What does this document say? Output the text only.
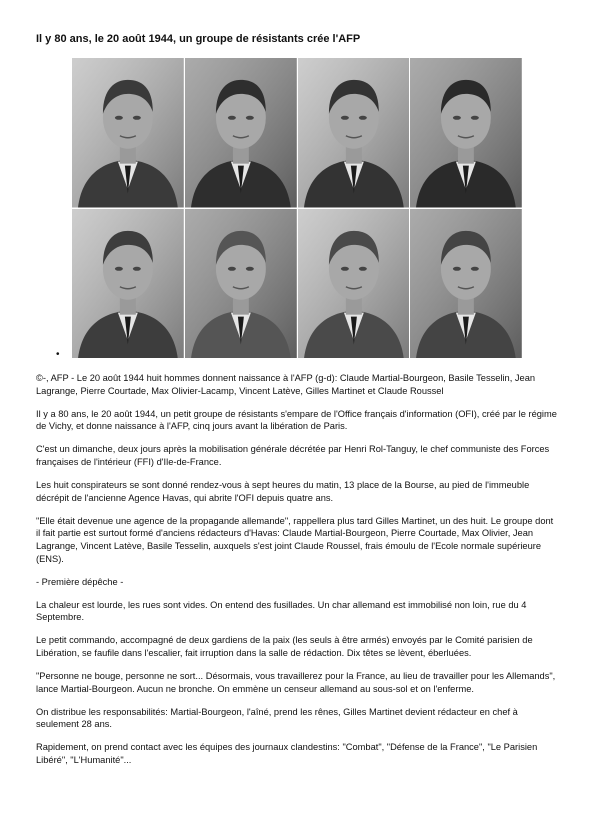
Il y 80 ans, le 20 août 1944, un groupe de résistants crée l'AFP
•

©-, AFP - Le 20 août 1944 huit hommes donnent naissance à l'AFP (g-d): Claude Martial-Bourgeon, Basile Tesselin, Jean Lagrange, Pierre Courtade, Max Olivier-Lacamp, Vincent Latève, Gilles Martinet et Claude Roussel

Il y a 80 ans, le 20 août 1944, un petit groupe de résistants s'empare de l'Office français d'information (OFI), créé par le régime de Vichy, et donne naissance à l'AFP, cinq jours avant la libération de Paris.

C'est un dimanche, deux jours après la mobilisation générale décrétée par Henri Rol-Tanguy, le chef communiste des Forces françaises de l'intérieur (FFI) d'Ile-de-France.

Les huit conspirateurs se sont donné rendez-vous à sept heures du matin, 13 place de la Bourse, au pied de l'immeuble décrépit de l'ancienne Agence Havas, qui abrite l'OFI depuis quatre ans.

"Elle était devenue une agence de la propagande allemande", rappellera plus tard Gilles Martinet, un des huit. Le groupe dont il fait partie est surtout formé d'anciens rédacteurs d'Havas: Claude Martial-Bourgeon, Pierre Courtade, Max Olivier, Jean Lagrange, Vincent Latève, Basile Tesselin, auxquels s'est joint Claude Roussel, frais émoulu de l'Ecole normale supérieure (ENS).

- Première dépêche -

La chaleur est lourde, les rues sont vides. On entend des fusillades. Un char allemand est immobilisé non loin, rue du 4 Septembre.

Le petit commando, accompagné de deux gardiens de la paix (les seuls à être armés) envoyés par le Comité parisien de Libération, se faufile dans l'escalier, fait irruption dans la salle de rédaction. Dix têtes se lèvent, éberluées.

"Personne ne bouge, personne ne sort... Désormais, vous travaillerez pour la France, au lieu de travailler pour les Allemands", lance Martial-Bourgeon. Aucun ne bronche. On emmène un censeur allemand au sous-sol et on l'enferme.

On distribue les responsabilités: Martial-Bourgeon, l'aîné, prend les rênes, Gilles Martinet devient rédacteur en chef à seulement 28 ans.

Rapidement, on prend contact avec les équipes des journaux clandestins: "Combat", "Défense de la France", "Le Parisien Libéré", "L'Humanité"...
